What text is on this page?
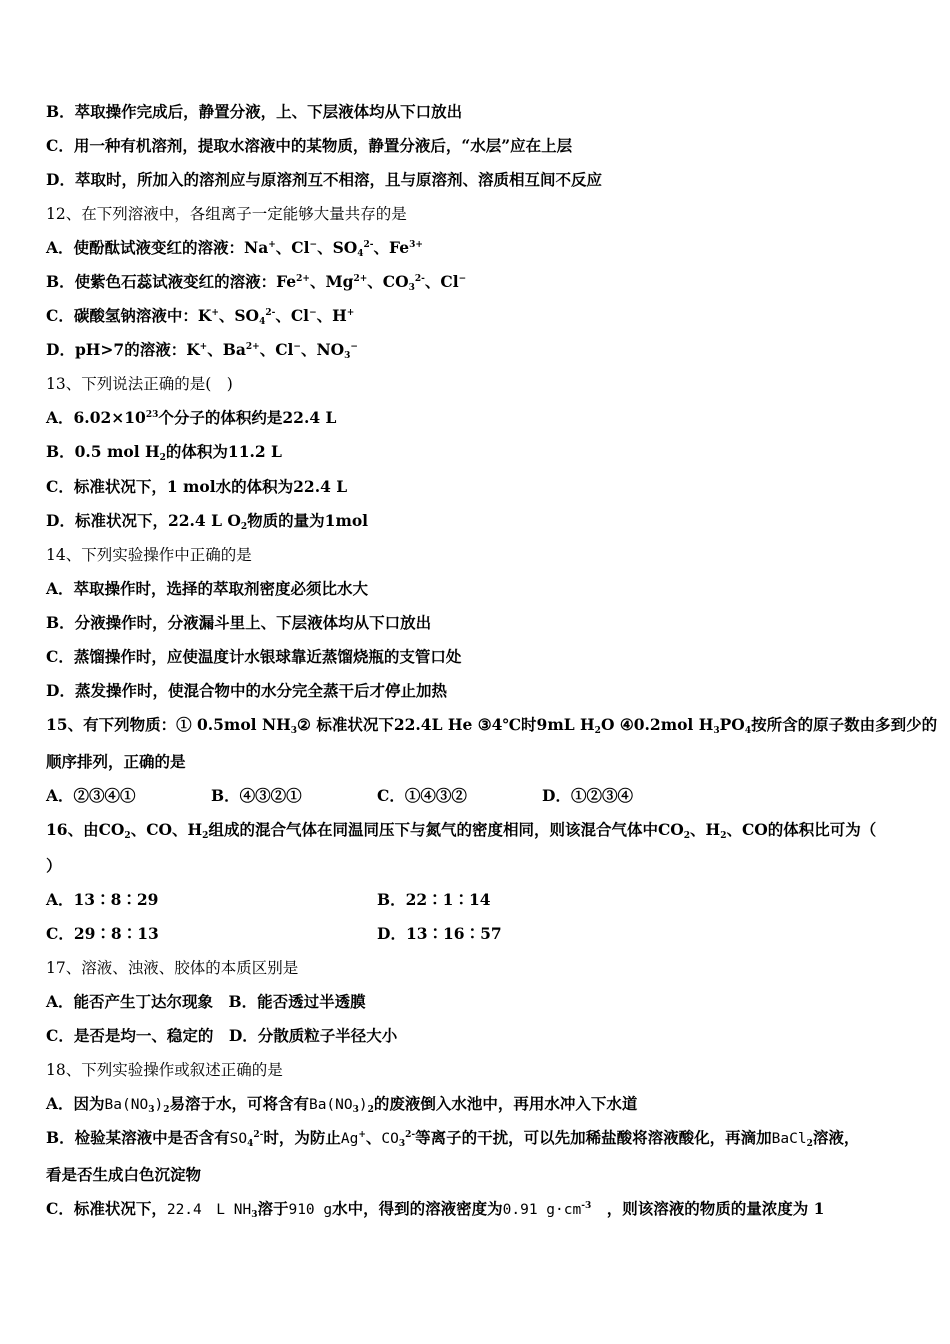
B．萃取操作完成后，静置分液，上、下层液体均从下口放出
C．用一种有机溶剂，提取水溶液中的某物质，静置分液后，“水层”应在上层
D．萃取时，所加入的溶剂应与原溶剂互不相溶，且与原溶剂、溶质相互间不反应
12、在下列溶液中，各组离子一定能够大量共存的是
A．使酚酞试液变红的溶液：Na+、Cl−、$SO_4^{2-}$、$Fe^{3+}$
B．使紫色石蕊试液变红的溶液：$Fe^{2+}$、$Mg^{2+}$、$CO_3^{2-}$、Cl−
C．碳酸氢钠溶液中：K+、$SO_4^{2-}$、Cl−、H+
D．pH>7的溶液：K+、$Ba^{2+}$、Cl−、$NO_3^-$
13、下列说法正确的是(　)
A．$6.02\times 10^{23}$个分子的体积约是22.4 L
B．0.5 mol $H_2$的体积为11.2 L
C．标准状况下，1 mol水的体积为22.4 L
D．标准状况下，22.4 L $O_2$物质的量为1mol
14、下列实验操作中正确的是
A．萃取操作时，选择的萃取剂密度必须比水大
B．分液操作时，分液漏斗里上、下层液体均从下口放出
C．蒸馏操作时，应使温度计水银球靠近蒸馏烧瓶的支管口处
D．蒸发操作时，使混合物中的水分完全蒸干后才停止加热
15、有下列物质：① 0.5mol $NH_3②$ 标准状况下22.4L He ③4℃时9mL $H_2O$ ④0.2mol $H_3PO_4$按所含的原子数由多到少的
顺序排列，正确的是
A．②③④①	B．④③②①	C．①④③②	D．①②③④
16、由$CO_2$、CO、$H_2$组成的混合气体在同温同压下与氮气的密度相同，则该混合气体中$CO_2$、$H_2$、CO的体积比可为（
）
A．13∶8∶29	B．22∶1∶14
C．29∶8∶13	D．13∶16∶57
17、溶液、浊液、胶体的本质区别是
A．能否产生丁达尔现象　B．能否透过半透膜
C．是否是均一、稳定的　D．分散质粒子半径大小
18、下列实验操作或叙述正确的是
A．因为$Ba(NO_3)_2$易溶于水，可将含有$Ba(NO_3)_2$的废液倒入水池中，再用水冲入下水道
B．检验某溶液中是否含有$SO_4^{2-}$时，为防止Ag+、$CO_3^{2-}$等离子的干扰，可以先加稀盐酸将溶液酸化，再滴加BaCl$_2$溶液，
看是否生成白色沉淀物
C．标准状况下，22.4　L $NH_3$溶于910 g水中，得到的溶液密度为0.91 $g\cdot cm^{-3}$　，则该溶液的物质的量浓度为 1
